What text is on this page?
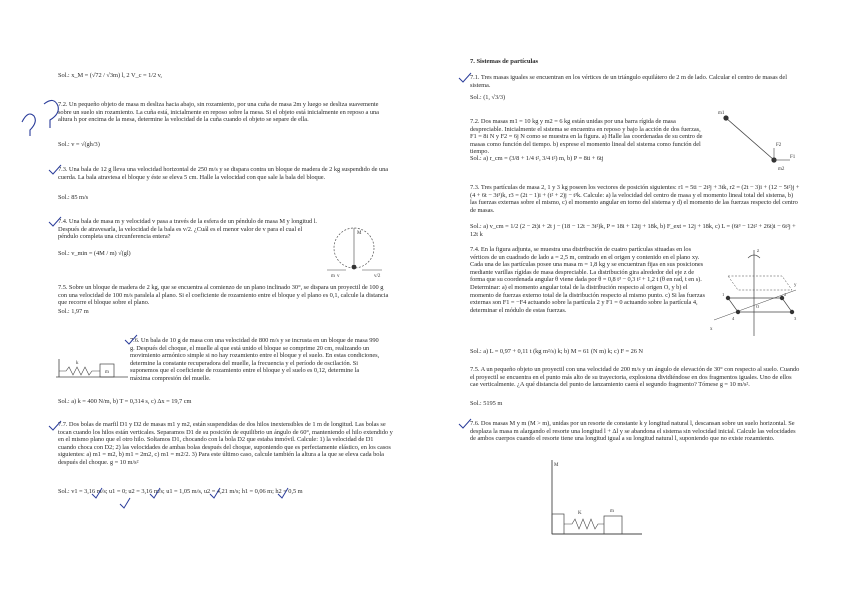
Sol.: x_M = (√72 / √3m) l, 2 V_c = 1/2 v,
7.2. Un pequeño objeto de masa m desliza hacia abajo, sin rozamiento, por una cuña de masa 2m y luego se desliza suavemente sobre un suelo sin rozamiento. La cuña está, inicialmente en reposo sobre la mesa. Si el objeto está inicialmente en reposo a una altura h por encima de la mesa, determine la velocidad de la cuña cuando el objeto se separe de ella.
Sol.: v = √(gh/3)
7.3. Una bala de 12 g lleva una velocidad horizontal de 250 m/s y se dispara contra un bloque de madera de 2 kg suspendido de una cuerda. La bala atraviesa el bloque y éste se eleva 5 cm. Halle la velocidad con que sale la bala del bloque.
Sol.: 85 m/s
7.4. Una bala de masa m y velocidad v pasa a través de la esfera de un péndulo de masa M y longitud l. Después de atravesarla, la velocidad de la bala es v/2. ¿Cuál es el menor valor de v para el cual el péndulo completa una circunferencia entera?
Sol.: v_min = (4M / m) √(gl)
M
m v	v/2
7.5. Sobre un bloque de madera de 2 kg, que se encuentra al comienzo de un plano inclinado 30°, se dispara un proyectil de 100 g con una velocidad de 100 m/s paralela al plano. Si el coeficiente de rozamiento entre el bloque y el plano es 0,1, calcule la distancia que recorre el bloque sobre el plano.
Sol.: 1,97 m
k
m
7.6. Un bala de 10 g de masa con una velocidad de 800 m/s y se incrusta en un bloque de masa 990 g. Después del choque, el muelle al que está unido el bloque se comprime 20 cm, realizando un movimiento armónico simple si no hay rozamiento entre el bloque y el suelo. En estas condiciones, determine la constante recuperadora del muelle, la frecuencia y el período de oscilación. Si suponemos que el coeficiente de rozamiento entre el bloque y el suelo es 0,12, determine la máxima compresión del muelle.
Sol.: a) k = 400 N/m, b) T = 0,314 s, c) Δx = 19,7 cm
7.7. Dos bolas de marfil D1 y D2 de masas m1 y m2, están suspendidas de dos hilos inextensibles de 1 m de longitud. Las bolas se tocan cuando los hilos están verticales. Separamos D1 de su posición de equilibrio un ángulo de 60°, manteniendo el hilo extendido y en el mismo plano que el otro hilo. Soltamos D1, chocando con la bola D2 que estaba inmóvil. Calcule: 1) la velocidad de D1 cuando choca con D2; 2) las velocidades de ambas bolas después del choque, suponiendo que es perfectamente elástico, en los casos siguientes: a) m1 = m2, b) m1 = 2m2, c) m1 = m2/2. 3) Para este último caso, calcule también la altura a la que se eleva cada bola después del choque. g = 10 m/s²
Sol.: v1 = 3,16 m/s; u1 = 0; u2 = 3,16 m/s; u1 = 1,05 m/s, u2 = 4,21 m/s; h1 = 0,06 m; h2 = 0,5 m
7. Sistemas de partículas
7.1. Tres masas iguales se encuentran en los vértices de un triángulo equilátero de 2 m de lado. Calcular el centro de masas del sistema.
Sol.: (1, √3/3)
7.2. Dos masas m1 = 10 kg y m2 = 6 kg están unidas por una barra rígida de masa despreciable. Inicialmente el sistema se encuentra en reposo y bajo la acción de dos fuerzas, F1 = 8i N y F2 = 6j N como se muestra en la figura. a) Halle las coordenadas de su centro de masas como función del tiempo. b) exprese el momento lineal del sistema como función del tiempo.
Sol.: a) r_cm = (3/8 + 1/4 t², 3/4 t²) m, b) P = 8ti + 6tj
m1
m2
F1
F2
7.3. Tres partículas de masa 2, 1 y 3 kg poseen los vectores de posición siguientes: r1 = 5ti − 2t²j + 3tk, r2 = (2t − 3)i + (12 − 5t²)j + (4 + 6t − 3t³)k, r3 = (2t − 1)i + (t² + 2)j − t³k. Calcule: a) la velocidad del centro de masa y el momento lineal total del sistema, b) las fuerzas externas sobre el mismo, c) el momento angular en torno del sistema y d) el momento de las fuerzas respecto del centro de masas.
Sol.: a) v_cm = 1/2 (2 − 2t)i + 2t j − (18 − 12t − 3t²)k, P = 18i + 12tj + 18k, b) F_ext = 12j + 18k, c) L = (6t³ − 12t² + 26t)i − 6t²j + 12t k
7.4. En la figura adjunta, se muestra una distribución de cuatro partículas situadas en los vértices de un cuadrado de lado a = 2,5 m, centrado en el origen y contenido en el plano xy. Cada una de las partículas posee una masa m = 1,8 kg y se encuentran fijas en sus posiciones mediante varillas rígidas de masa despreciable. La distribución gira alrededor del eje z de forma que su coordenada angular θ viene dada por θ = 0,8 t³ − 0,3 t² + 1,2 t (θ en rad, t en s). Determinar: a) el momento angular total de la distribución respecto al origen O, y b) el momento de fuerzas externo total de la distribución respecto al mismo punto. c) Si las fuerzas externas son F1 = −F4 actuando sobre la partícula 2 y F1 = 0 actuando sobre la partícula 4, determinar el módulo de estas fuerzas.
Sol.: a) L = 0,97 + 0,11 t (kg m²/s) k; b) M = 61 (N m) k; c) F = 26 N
z
x
y
1	2
3
4
O
7.5. A un pequeño objeto un proyectil con una velocidad de 200 m/s y un ángulo de elevación de 30° con respecto al suelo. Cuando el proyectil se encuentra en el punto más alto de su trayectoria, explosiona dividiéndose en dos fragmentos iguales. Uno de ellos cae verticalmente. ¿A qué distancia del punto de lanzamiento caerá el segundo fragmento? Tómese g = 10 m/s².
Sol.: 5195 m
7.6. Dos masas M y m (M > m), unidas por un resorte de constante k y longitud natural l, descansan sobre un suelo horizontal. Se desplaza la masa m alargando el resorte una longitud l + Δl y se abandona el sistema sin velocidad inicial. Calcule las velocidades de ambos cuerpos cuando el resorte tiene una longitud igual a su longitud natural l, suponiendo que no existe rozamiento.
M
K	m
